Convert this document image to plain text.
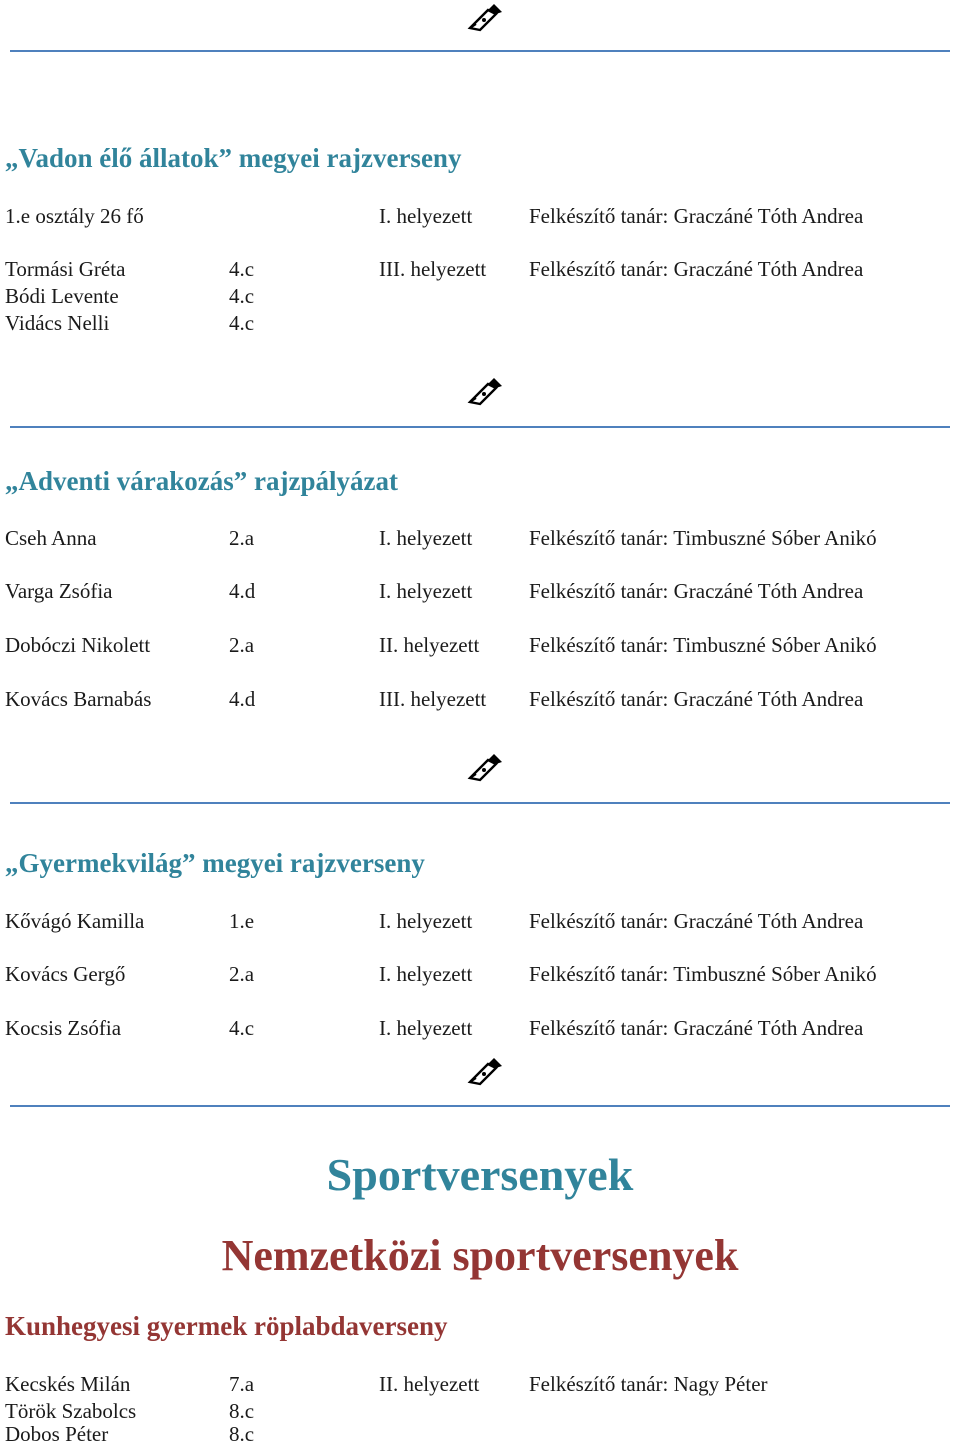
„Vadon élő állatok” megyei rajzverseny
1.e osztály 26 fő	I. helyezett	Felkészítő tanár: Graczáné Tóth Andrea
Tormási Gréta	4.c	III. helyezett Felkészítő tanár: Graczáné Tóth Andrea
Bódi Levente	4.c
Vidács Nelli	4.c
„Adventi várakozás” rajzpályázat
Cseh Anna	2.a	I. helyezett	Felkészítő tanár: Timbuszné Sóber Anikó
Varga Zsófia	4.d	I. helyezett	Felkészítő tanár: Graczáné Tóth Andrea
Dobóczi Nikolett	2.a	II. helyezett Felkészítő tanár: Timbuszné Sóber Anikó
Kovács Barnabás	4.d	III. helyezett Felkészítő tanár: Graczáné Tóth Andrea
„Gyermekvilág” megyei rajzverseny
Kővágó Kamilla	1.e	I. helyezett	Felkészítő tanár: Graczáné Tóth Andrea
Kovács Gergő	2.a	I. helyezett	Felkészítő tanár: Timbuszné Sóber Anikó
Kocsis Zsófia	4.c	I. helyezett	Felkészítő tanár: Graczáné Tóth Andrea
Sportversenyek
Nemzetközi sportversenyek
Kunhegyesi gyermek röplabdaverseny
Kecskés Milán	7.a	II. helyezett Felkészítő tanár: Nagy Péter
Török Szabolcs	8.c
Dobos Péter	8.c
